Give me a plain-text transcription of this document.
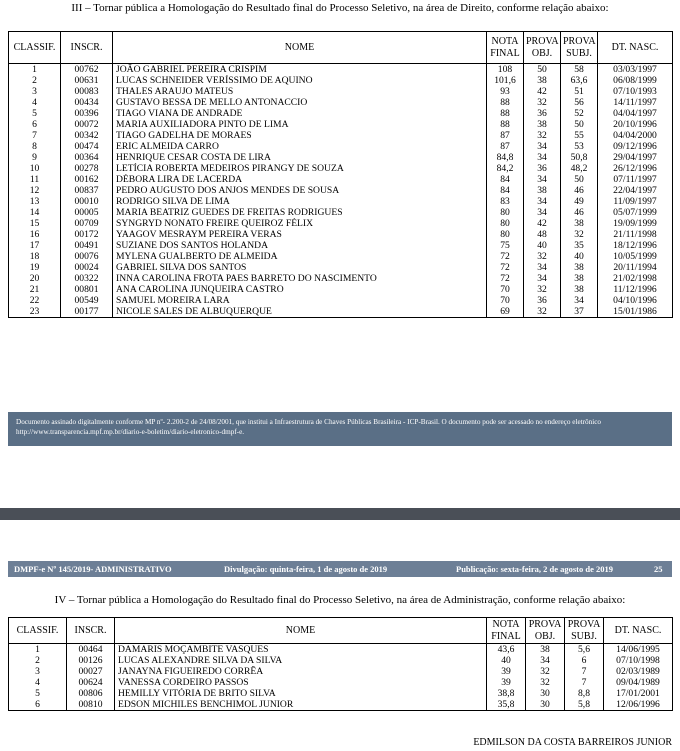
III – Tornar pública a Homologação do Resultado final do Processo Seletivo, na área de Direito, conforme relação abaixo:
CLASSIF.	INSCR.	NOME	NOTA FINAL	PROVA OBJ.	PROVA SUBJ.	DT. NASC.
1	00762	JOÃO GABRIEL PEREIRA CRISPIM	108	50	58	03/03/1997
2	00631	LUCAS SCHNEIDER VERÍSSIMO DE AQUINO	101,6	38	63,6	06/08/1999
3	00083	THALES ARAUJO MATEUS	93	42	51	07/10/1993
4	00434	GUSTAVO BESSA DE MELLO ANTONACCIO	88	32	56	14/11/1997
5	00396	TIAGO VIANA DE ANDRADE	88	36	52	04/04/1997
6	00072	MARIA AUXILIADORA PINTO DE LIMA	88	38	50	20/10/1996
7	00342	TIAGO GADELHA DE MORAES	87	32	55	04/04/2000
8	00474	ERIC ALMEIDA CARRO	87	34	53	09/12/1996
9	00364	HENRIQUE CESAR COSTA DE LIRA	84,8	34	50,8	29/04/1997
10	00278	LETÍCIA ROBERTA MEDEIROS PIRANGY DE SOUZA	84,2	36	48,2	26/12/1996
11	00162	DÉBORA LIRA DE LACERDA	84	34	50	07/11/1997
12	00837	PEDRO AUGUSTO DOS ANJOS MENDES DE SOUSA	84	38	46	22/04/1997
13	00010	RODRIGO SILVA DE LIMA	83	34	49	11/09/1997
14	00005	MARIA BEATRIZ GUEDES DE FREITAS RODRIGUES	80	34	46	05/07/1999
15	00709	SYNGRYD NONATO FREIRE QUEIROZ FÉLIX	80	42	38	19/09/1999
16	00172	YAAGOV MESRAYM PEREIRA VERAS	80	48	32	21/11/1998
17	00491	SUZIANE DOS SANTOS HOLANDA	75	40	35	18/12/1996
18	00076	MYLENA GUALBERTO DE ALMEIDA	72	32	40	10/05/1999
19	00024	GABRIEL SILVA DOS SANTOS	72	34	38	20/11/1994
20	00322	INNA CAROLINA FROTA PAES BARRETO DO NASCIMENTO	72	34	38	21/02/1998
21	00801	ANA CAROLINA JUNQUEIRA CASTRO	70	32	38	11/12/1996
22	00549	SAMUEL MOREIRA LARA	70	36	34	04/10/1996
23	00177	NICOLE SALES DE ALBUQUERQUE	69	32	37	15/01/1986
Documento assinado digitalmente conforme MP nº- 2.200-2 de 24/08/2001, que institui a Infraestrutura de Chaves Públicas Brasileira - ICP-Brasil. O documento pode ser acessado no endereço eletrônico http://www.transparencia.mpf.mp.br/diario-e-boletim/diario-eletronico-dmpf-e.
DMPF-e Nº 145/2019- ADMINISTRATIVO	Divulgação: quinta-feira, 1 de agosto de 2019	Publicação: sexta-feira, 2 de agosto de 2019	25
IV – Tornar pública a Homologação do Resultado final do Processo Seletivo, na área de Administração, conforme relação abaixo:
CLASSIF.	INSCR.	NOME	NOTA FINAL	PROVA OBJ.	PROVA SUBJ.	DT. NASC.
1	00464	DAMARIS MOÇAMBITE VASQUES	43,6	38	5,6	14/06/1995
2	00126	LUCAS ALEXANDRE SILVA DA SILVA	40	34	6	07/10/1998
3	00027	JANAYNA FIGUEIREDO CORRÊA	39	32	7	02/03/1989
4	00624	VANESSA CORDEIRO PASSOS	39	32	7	09/04/1989
5	00806	HEMILLY VITÓRIA DE BRITO SILVA	38,8	30	8,8	17/01/2001
6	00810	EDSON MICHILES BENCHIMOL JUNIOR	35,8	30	5,8	12/06/1996
EDMILSON DA COSTA BARREIROS JUNIOR
